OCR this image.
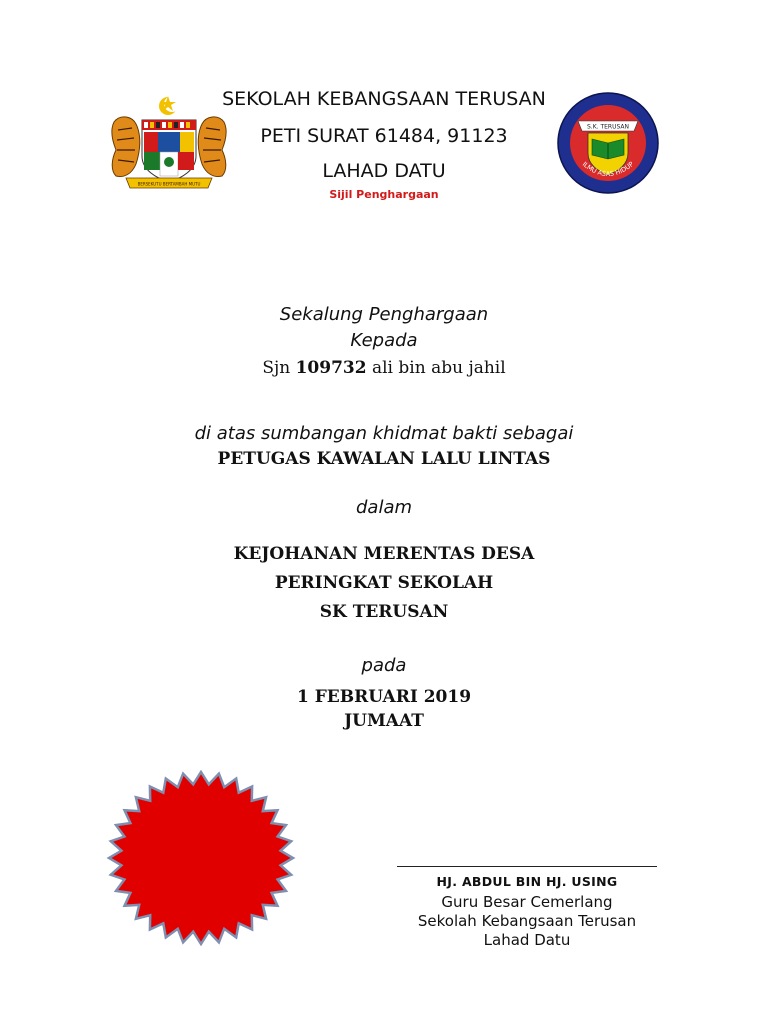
BERSEKUTU BERTAMBAH MUTU
S.K. TERUSAN
ILMU ASAS HIDUP
SEKOLAH KEBANGSAAN TERUSAN
PETI SURAT 61484, 91123
LAHAD DATU
Sijil Penghargaan
Sekalung Penghargaan
Kepada
Sjn 109732 ali bin abu jahil
di atas sumbangan khidmat bakti sebagai
PETUGAS KAWALAN LALU LINTAS
dalam
KEJOHANAN MERENTAS DESA
PERINGKAT SEKOLAH
SK TERUSAN
pada
1 FEBRUARI 2019
JUMAAT
HJ. ABDUL BIN HJ. USING
Guru Besar Cemerlang
Sekolah Kebangsaan Terusan
Lahad Datu
